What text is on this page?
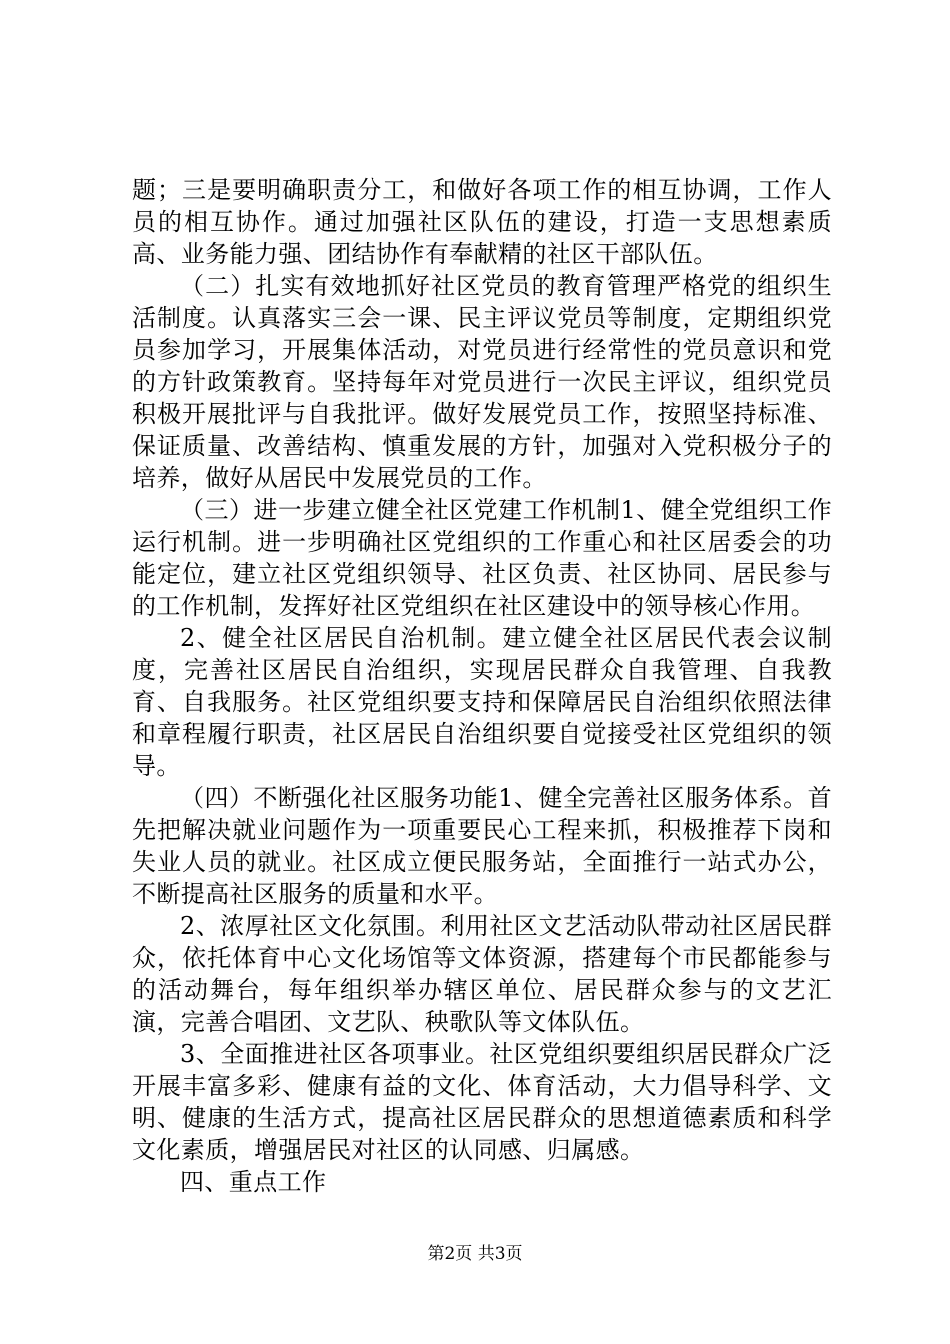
题；三是要明确职责分工，和做好各项工作的相互协调，工作人员的相互协作。通过加强社区队伍的建设，打造一支思想素质高、业务能力强、团结协作有奉献精的社区干部队伍。

（二）扎实有效地抓好社区党员的教育管理严格党的组织生活制度。认真落实三会一课、民主评议党员等制度，定期组织党员参加学习，开展集体活动，对党员进行经常性的党员意识和党的方针政策教育。坚持每年对党员进行一次民主评议，组织党员积极开展批评与自我批评。做好发展党员工作，按照坚持标准、保证质量、改善结构、慎重发展的方针，加强对入党积极分子的培养，做好从居民中发展党员的工作。

（三）进一步建立健全社区党建工作机制1、健全党组织工作运行机制。进一步明确社区党组织的工作重心和社区居委会的功能定位，建立社区党组织领导、社区负责、社区协同、居民参与的工作机制，发挥好社区党组织在社区建设中的领导核心作用。

2、健全社区居民自治机制。建立健全社区居民代表会议制度，完善社区居民自治组织，实现居民群众自我管理、自我教育、自我服务。社区党组织要支持和保障居民自治组织依照法律和章程履行职责，社区居民自治组织要自觉接受社区党组织的领导。

（四）不断强化社区服务功能1、健全完善社区服务体系。首先把解决就业问题作为一项重要民心工程来抓，积极推荐下岗和失业人员的就业。社区成立便民服务站，全面推行一站式办公，不断提高社区服务的质量和水平。

2、浓厚社区文化氛围。利用社区文艺活动队带动社区居民群众，依托体育中心文化场馆等文体资源，搭建每个市民都能参与的活动舞台，每年组织举办辖区单位、居民群众参与的文艺汇演，完善合唱团、文艺队、秧歌队等文体队伍。

3、全面推进社区各项事业。社区党组织要组织居民群众广泛开展丰富多彩、健康有益的文化、体育活动，大力倡导科学、文明、健康的生活方式，提高社区居民群众的思想道德素质和科学文化素质，增强居民对社区的认同感、归属感。

四、重点工作

第2页 共3页
